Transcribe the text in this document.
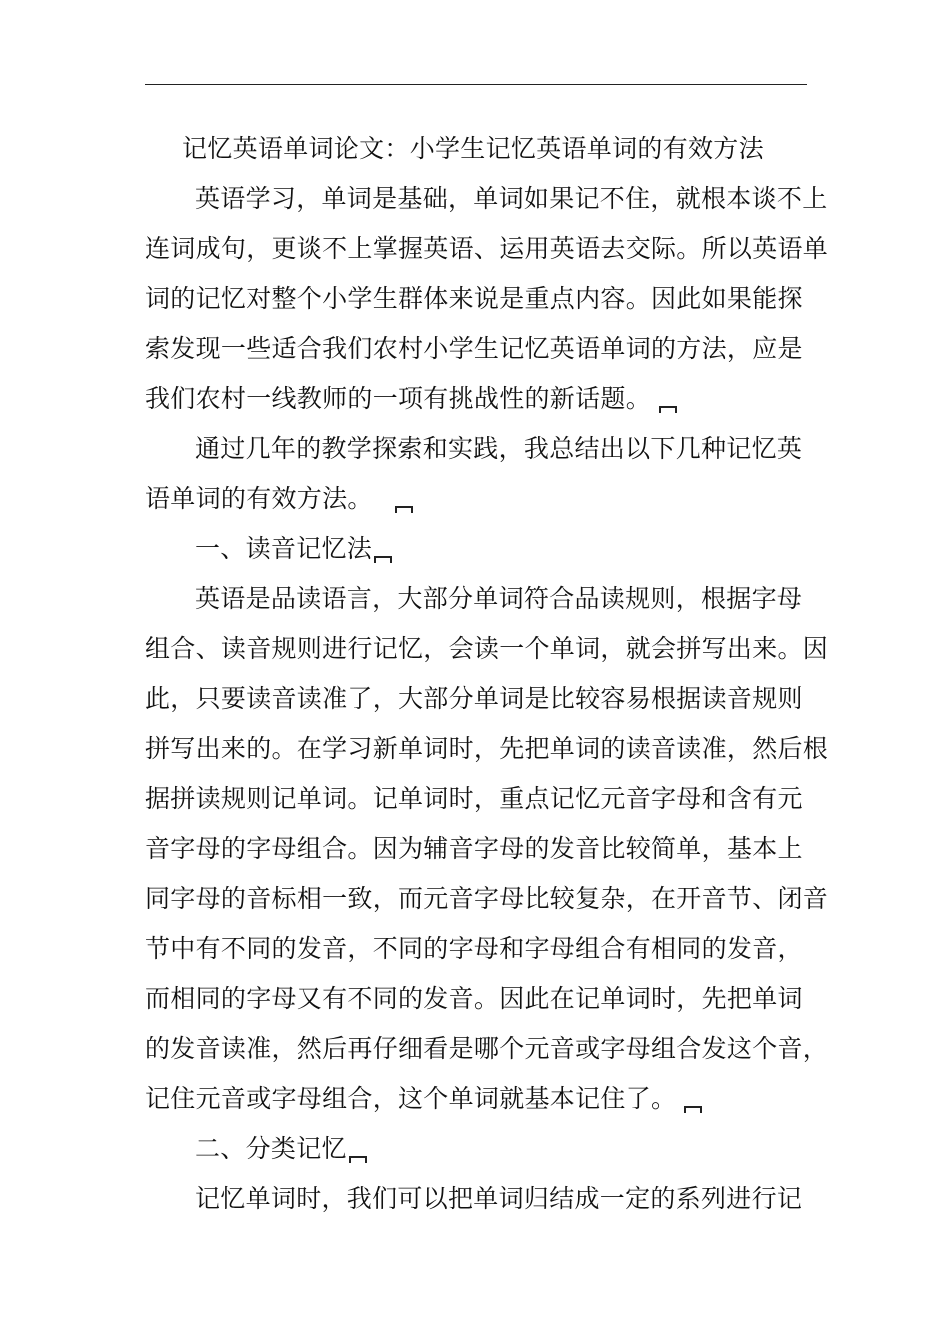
记忆英语单词论文：小学生记忆英语单词的有效方法
英语学习，单词是基础，单词如果记不住，就根本谈不上
连词成句，更谈不上掌握英语、运用英语去交际。所以英语单
词的记忆对整个小学生群体来说是重点内容。因此如果能探
索发现一些适合我们农村小学生记忆英语单词的方法，应是
我们农村一线教师的一项有挑战性的新话题。
通过几年的教学探索和实践，我总结出以下几种记忆英
语单词的有效方法。
一、读音记忆法
英语是品读语言，大部分单词符合品读规则，根据字母
组合、读音规则进行记忆，会读一个单词，就会拼写出来。因
此，只要读音读准了，大部分单词是比较容易根据读音规则
拼写出来的。在学习新单词时，先把单词的读音读准，然后根
据拼读规则记单词。记单词时，重点记忆元音字母和含有元
音字母的字母组合。因为辅音字母的发音比较简单，基本上
同字母的音标相一致，而元音字母比较复杂，在开音节、闭音
节中有不同的发音，不同的字母和字母组合有相同的发音，
而相同的字母又有不同的发音。因此在记单词时，先把单词
的发音读准，然后再仔细看是哪个元音或字母组合发这个音，
记住元音或字母组合，这个单词就基本记住了。
二、分类记忆
记忆单词时，我们可以把单词归结成一定的系列进行记
